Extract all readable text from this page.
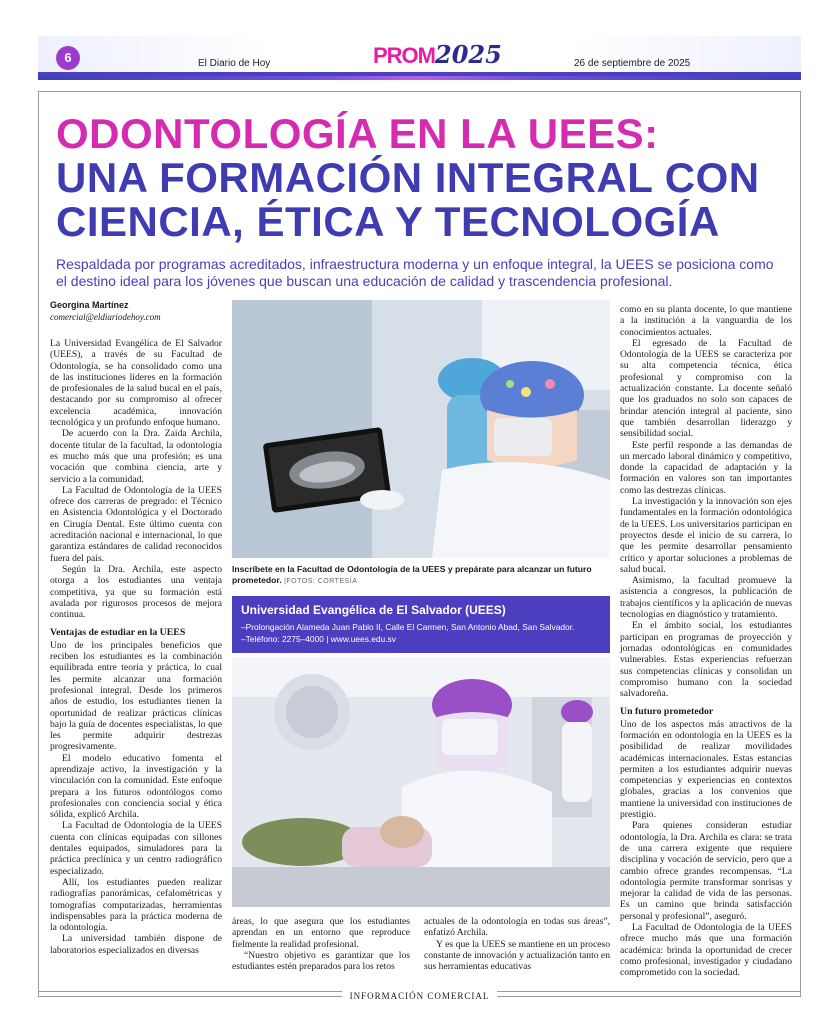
6	El Diario de Hoy	PROM2025	26 de septiembre de 2025
ODONTOLOGÍA EN LA UEES:
UNA FORMACIÓN INTEGRAL CON
CIENCIA, ÉTICA Y TECNOLOGÍA
Respaldada por programas acreditados, infraestructura moderna y un enfoque integral, la UEES se posiciona como el destino ideal para los jóvenes que buscan una educación de calidad y trascendencia profesional.
Georgina Martínez
comercial@eldiariodehoy.com

La Universidad Evangélica de El Salvador (UEES), a través de su Facultad de Odontología, se ha consolidado como una de las instituciones líderes en la formación de profesionales de la salud bucal en el país, destacando por su compromiso al ofrecer excelencia académica, innovación tecnológica y un profundo enfoque humano.

De acuerdo con la Dra. Zaida Archila, docente titular de la facultad, la odontología es mucho más que una profesión; es una vocación que combina ciencia, arte y servicio a la comunidad.

La Facultad de Odontología de la UEES ofrece dos carreras de pregrado: el Técnico en Asistencia Odontológica y el Doctorado en Cirugía Dental. Este último cuenta con acreditación nacional e internacional, lo que garantiza estándares de calidad reconocidos fuera del país.

Según la Dra. Archila, este aspecto otorga a los estudiantes una ventaja competitiva, ya que su formación está avalada por rigurosos procesos de mejora continua.

Ventajas de estudiar en la UEES

Uno de los principales beneficios que reciben los estudiantes es la combinación equilibrada entre teoría y práctica, lo cual les permite alcanzar una formación profesional integral. Desde los primeros años de estudio, los estudiantes tienen la oportunidad de realizar prácticas clínicas bajo la guía de docentes especialistas, lo que les permite adquirir destrezas progresivamente.

El modelo educativo fomenta el aprendizaje activo, la investigación y la vinculación con la comunidad. Este enfoque prepara a los futuros odontólogos como profesionales con conciencia social y ética sólida, explicó Archila.

La Facultad de Odontología de la UEES cuenta con clínicas equipadas con sillones dentales equipados, simuladores para la práctica preclínica y un centro radiográfico especializado.

Allí, los estudiantes pueden realizar radiografías panorámicas, cefalométricas y tomografías computarizadas, herramientas indispensables para la práctica moderna de la odontología.

La universidad también dispone de laboratorios especializados en diversas

Inscríbete en la Facultad de Odontología de la UEES y prepárate para alcanzar un futuro prometedor. |FOTOS: CORTESÍA
Universidad Evangélica de El Salvador (UEES)
–Prolongación Alameda Juan Pablo II, Calle El Carmen, San Antonio Abad, San Salvador.
–Teléfono: 2275–4000 | www.uees.edu.sv

áreas, lo que asegura que los estudiantes aprendan en un entorno que reproduce fielmente la realidad profesional.

“Nuestro objetivo es garantizar que los estudiantes estén preparados para los retos

actuales de la odontología en todas sus áreas”, enfatizó Archila.

Y es que la UEES se mantiene en un proceso constante de innovación y actualización tanto en sus herramientas educativas

como en su planta docente, lo que mantiene a la institución a la vanguardia de los conocimientos actuales.

El egresado de la Facultad de Odontología de la UEES se caracteriza por su alta competencia técnica, ética profesional y compromiso con la actualización constante. La docente señaló que los graduados no solo son capaces de brindar atención integral al paciente, sino que también desarrollan liderazgo y sensibilidad social.

Este perfil responde a las demandas de un mercado laboral dinámico y competitivo, donde la capacidad de adaptación y la formación en valores son tan importantes como las destrezas clínicas.

La investigación y la innovación son ejes fundamentales en la formación odontológica de la UEES. Los universitarios participan en proyectos desde el inicio de su carrera, lo que les permite desarrollar pensamiento crítico y aportar soluciones a problemas de salud bucal.

Asimismo, la facultad promueve la asistencia a congresos, la publicación de trabajos científicos y la aplicación de nuevas tecnologías en diagnóstico y tratamiento.

En el ámbito social, los estudiantes participan en programas de proyección y jornadas odontológicas en comunidades vulnerables. Estas experiencias refuerzan sus competencias clínicas y consolidan un compromiso humano con la sociedad salvadoreña.

Un futuro prometedor

Uno de los aspectos más atractivos de la formación en odontología en la UEES es la posibilidad de realizar movilidades académicas internacionales. Estas estancias permiten a los estudiantes adquirir nuevas competencias y experiencias en contextos globales, gracias a los convenios que mantiene la universidad con instituciones de prestigio.

Para quienes consideran estudiar odontología, la Dra. Archila es clara: se trata de una carrera exigente que requiere disciplina y vocación de servicio, pero que a cambio ofrece grandes recompensas. “La odontología permite transformar sonrisas y mejorar la calidad de vida de las personas. Es un camino que brinda satisfacción personal y profesional”, aseguró.

La Facultad de Odontología de la UEES ofrece mucho más que una formación académica: brinda la oportunidad de crecer como profesional, investigador y ciudadano comprometido con la sociedad.

INFORMACIÓN COMERCIAL
